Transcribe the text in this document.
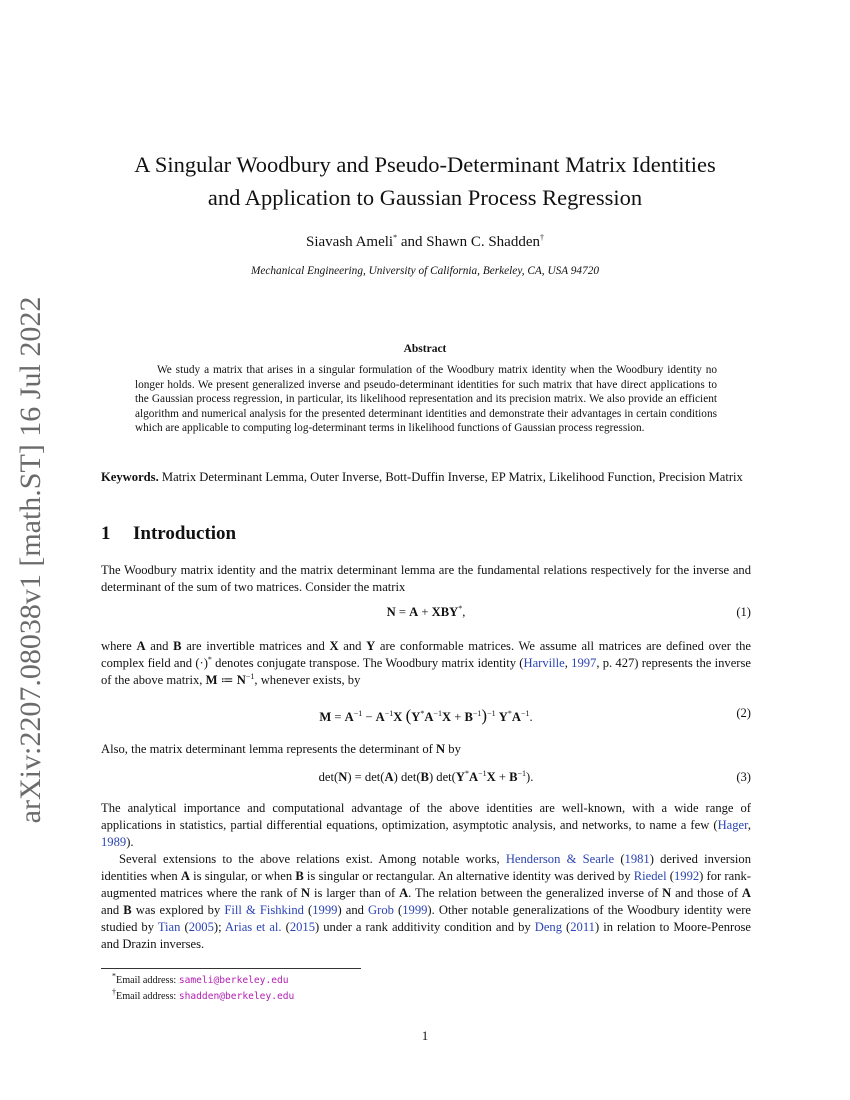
arXiv:2207.08038v1 [math.ST] 16 Jul 2022
A Singular Woodbury and Pseudo-Determinant Matrix Identities
and Application to Gaussian Process Regression
Siavash Ameli* and Shawn C. Shadden†
Mechanical Engineering, University of California, Berkeley, CA, USA 94720
Abstract
We study a matrix that arises in a singular formulation of the Woodbury matrix identity when the Woodbury identity no longer holds. We present generalized inverse and pseudo-determinant identities for such matrix that have direct applications to the Gaussian process regression, in particular, its likelihood representation and its precision matrix. We also provide an efficient algorithm and numerical analysis for the presented determinant identities and demonstrate their advantages in certain conditions which are applicable to computing log-determinant terms in likelihood functions of Gaussian process regression.
Keywords. Matrix Determinant Lemma, Outer Inverse, Bott-Duffin Inverse, EP Matrix, Likelihood Function, Precision Matrix
1 Introduction
The Woodbury matrix identity and the matrix determinant lemma are the fundamental relations respectively for the inverse and determinant of the sum of two matrices. Consider the matrix
N = A + XBY*,	(1)
where A and B are invertible matrices and X and Y are conformable matrices. We assume all matrices are defined over the complex field and (·)* denotes conjugate transpose. The Woodbury matrix identity (Harville, 1997, p. 427) represents the inverse of the above matrix, M ≔ $N^{-1}$, whenever exists, by
$M = A^{-1} - A^{-1}X$ $(Y^*A^{-1}X + B^{-1})^{-1}$ $Y^*A^{-1}$.	(2)
Also, the matrix determinant lemma represents the determinant of N by
det(N) = det(A) det(B) $\det(Y^*A^{-1}X + B^{-1})$.	(3)
The analytical importance and computational advantage of the above identities are well-known, with a wide range of applications in statistics, partial differential equations, optimization, asymptotic analysis, and networks, to name a few (Hager, 1989).
Several extensions to the above relations exist. Among notable works, Henderson & Searle (1981) derived inversion identities when A is singular, or when B is singular or rectangular. An alternative identity was derived by Riedel (1992) for rank-augmented matrices where the rank of N is larger than of A. The relation between the generalized inverse of N and those of A and B was explored by Fill & Fishkind (1999) and Grob (1999). Other notable generalizations of the Woodbury identity were studied by Tian (2005); Arias et al. (2015) under a rank additivity condition and by Deng (2011) in relation to Moore-Penrose and Drazin inverses.
*Email address: sameli@berkeley.edu
†Email address: shadden@berkeley.edu
1
